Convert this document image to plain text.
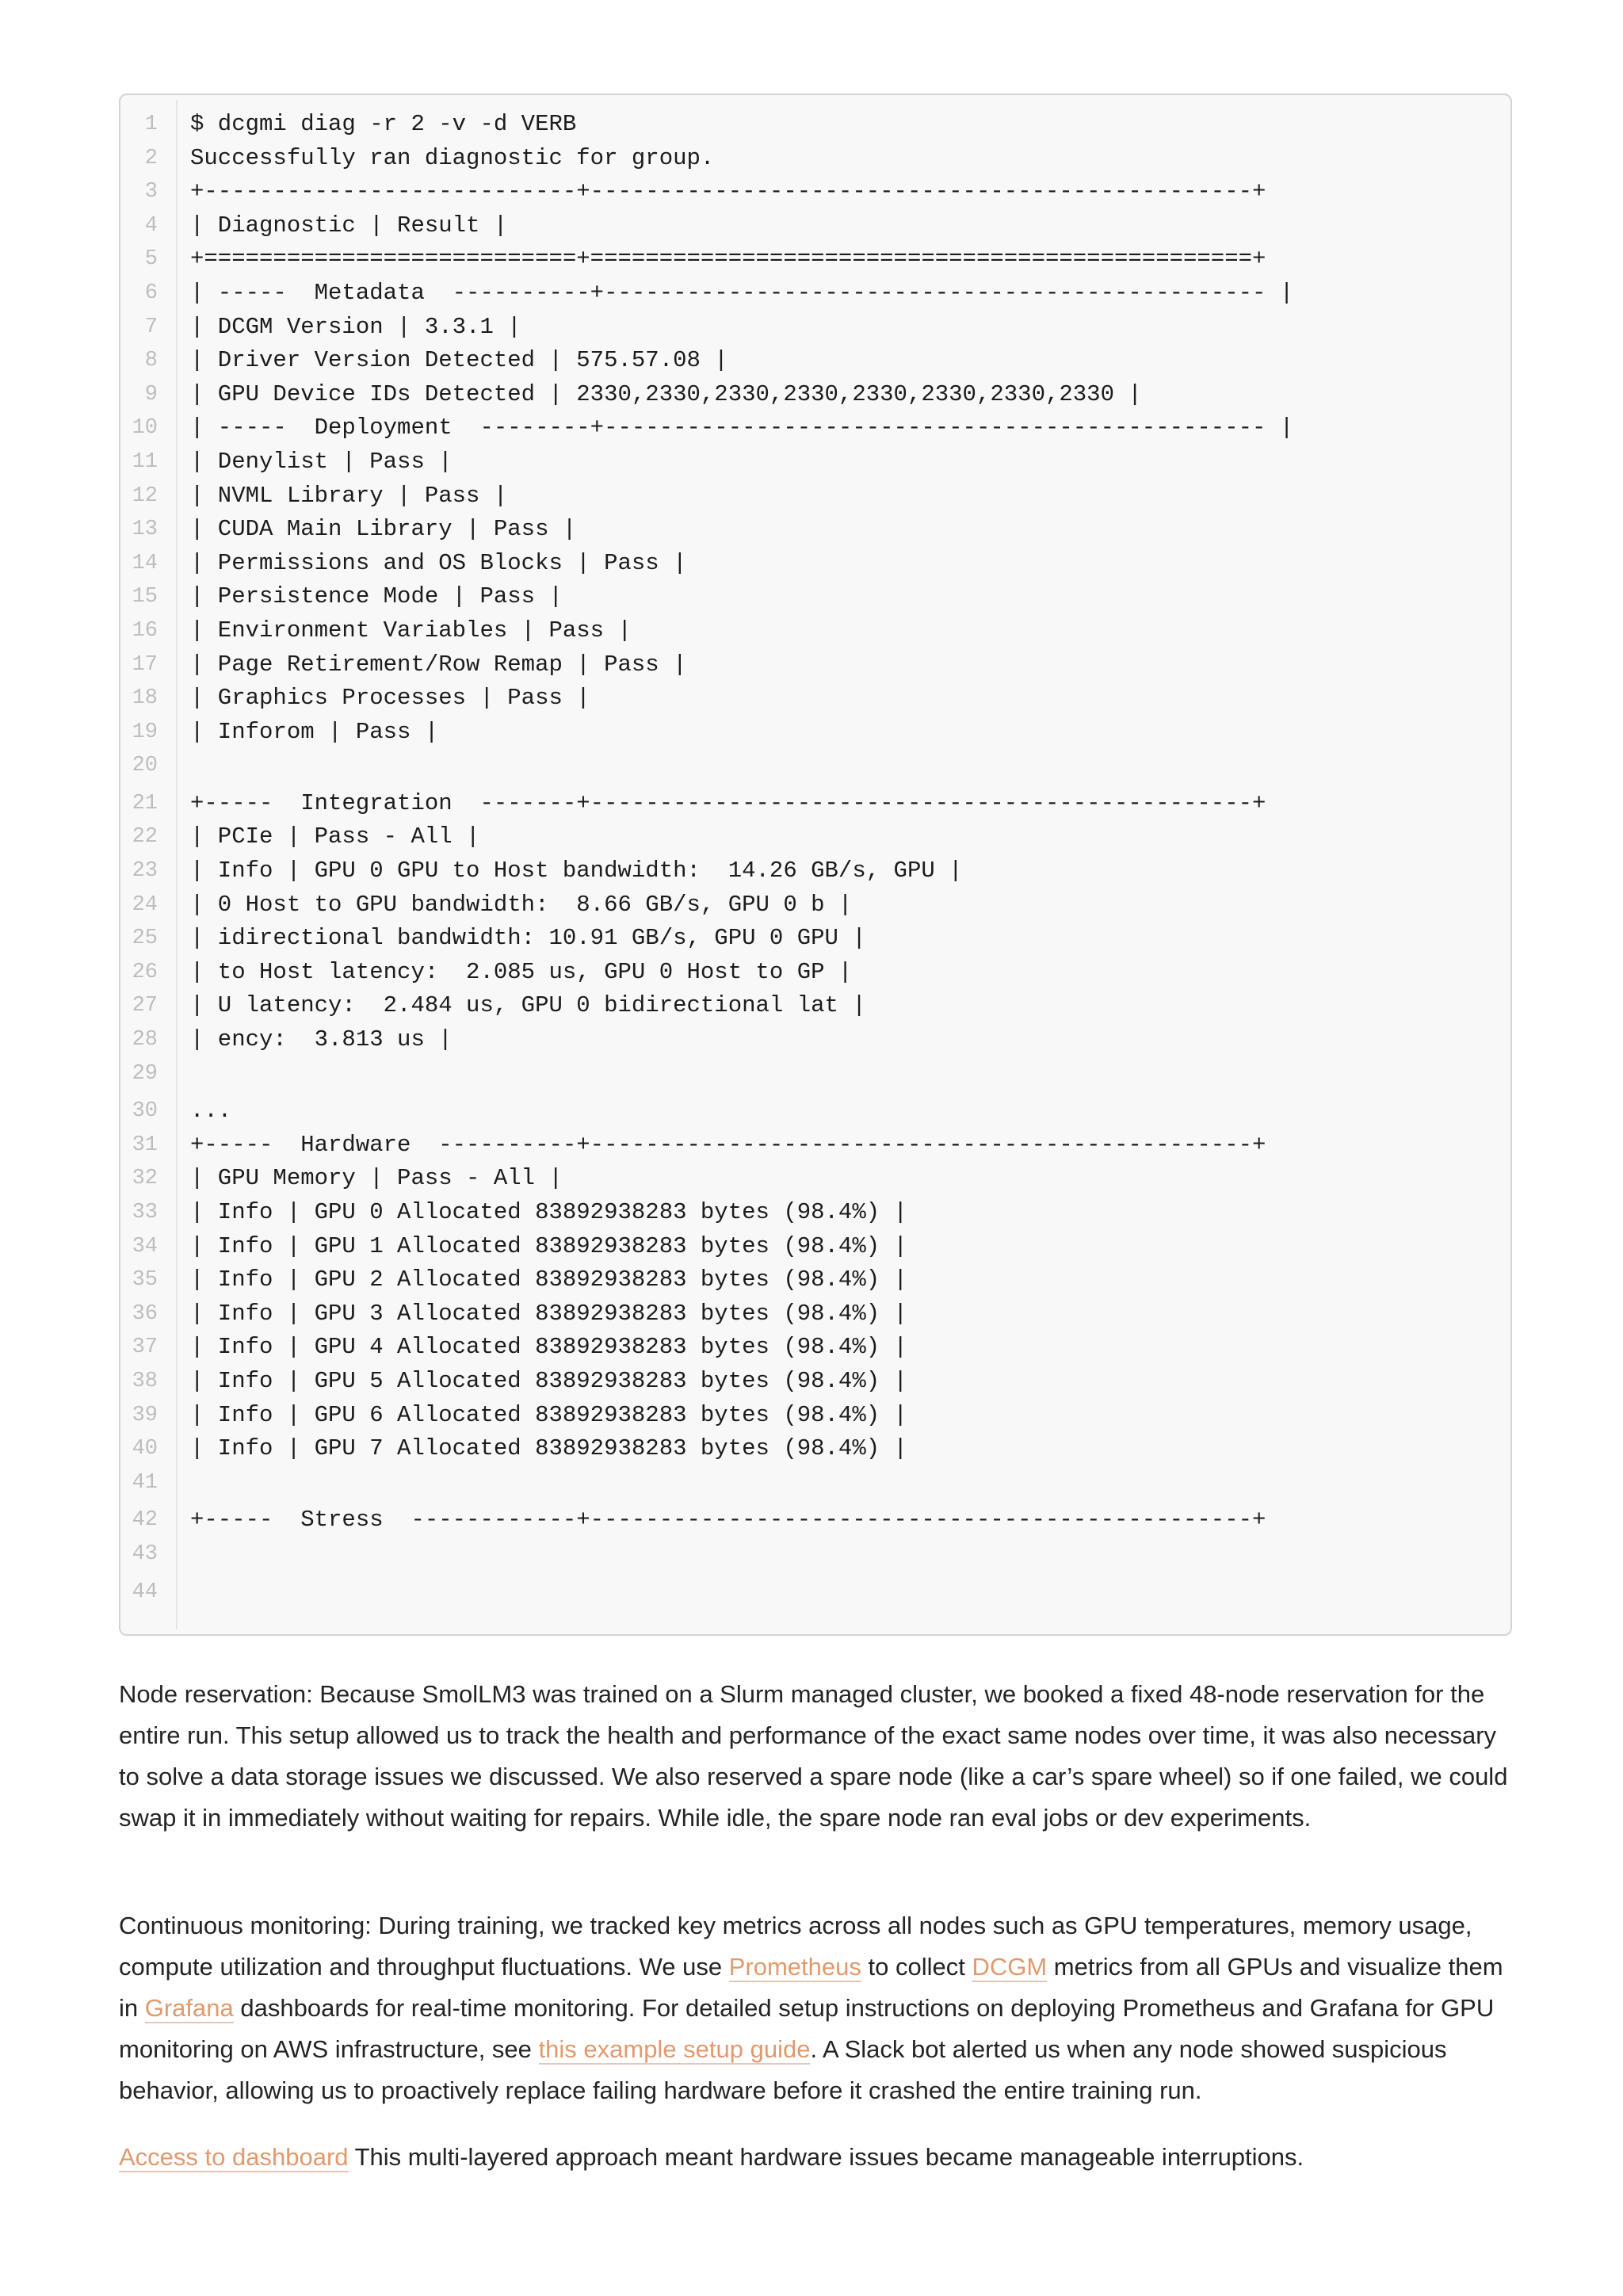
1 $ dcgmi diag -r 2 -v -d VERB
2 Successfully ran diagnostic for group.
3 +---------------------------+------------------------------------------------+
4 | Diagnostic | Result |
5 +===========================+================================================+
6 | -----  Metadata  ----------+------------------------------------------------ |
7 | DCGM Version | 3.3.1 |
8 | Driver Version Detected | 575.57.08 |
9 | GPU Device IDs Detected | 2330,2330,2330,2330,2330,2330,2330,2330 |
10 | -----  Deployment  --------+------------------------------------------------ |
11 | Denylist | Pass |
12 | NVML Library | Pass |
13 | CUDA Main Library | Pass |
14 | Permissions and OS Blocks | Pass |
15 | Persistence Mode | Pass |
16 | Environment Variables | Pass |
17 | Page Retirement/Row Remap | Pass |
18 | Graphics Processes | Pass |
19 | Inforom | Pass |
20
21 +-----  Integration  -------+------------------------------------------------+
22 | PCIe | Pass - All |
23 | Info | GPU 0 GPU to Host bandwidth:  14.26 GB/s, GPU |
24 | 0 Host to GPU bandwidth:  8.66 GB/s, GPU 0 b |
25 | idirectional bandwidth: 10.91 GB/s, GPU 0 GPU |
26 | to Host latency:  2.085 us, GPU 0 Host to GP |
27 | U latency:  2.484 us, GPU 0 bidirectional lat |
28 | ency:  3.813 us |
29
30 ...
31 +-----  Hardware  ----------+------------------------------------------------+
32 | GPU Memory | Pass - All |
33 | Info | GPU 0 Allocated 83892938283 bytes (98.4%) |
34 | Info | GPU 1 Allocated 83892938283 bytes (98.4%) |
35 | Info | GPU 2 Allocated 83892938283 bytes (98.4%) |
36 | Info | GPU 3 Allocated 83892938283 bytes (98.4%) |
37 | Info | GPU 4 Allocated 83892938283 bytes (98.4%) |
38 | Info | GPU 5 Allocated 83892938283 bytes (98.4%) |
39 | Info | GPU 6 Allocated 83892938283 bytes (98.4%) |
40 | Info | GPU 7 Allocated 83892938283 bytes (98.4%) |
41
42 +-----  Stress  ------------+------------------------------------------------+
43
44

Node reservation: Because SmolLM3 was trained on a Slurm managed cluster, we booked a fixed 48-node reservation for the entire run. This setup allowed us to track the health and performance of the exact same nodes over time, it was also necessary to solve a data storage issues we discussed. We also reserved a spare node (like a car’s spare wheel) so if one failed, we could swap it in immediately without waiting for repairs. While idle, the spare node ran eval jobs or dev experiments.

Continuous monitoring: During training, we tracked key metrics across all nodes such as GPU temperatures, memory usage, compute utilization and throughput fluctuations. We use Prometheus to collect DCGM metrics from all GPUs and visualize them in Grafana dashboards for real-time monitoring. For detailed setup instructions on deploying Prometheus and Grafana for GPU monitoring on AWS infrastructure, see this example setup guide. A Slack bot alerted us when any node showed suspicious behavior, allowing us to proactively replace failing hardware before it crashed the entire training run.

Access to dashboard This multi-layered approach meant hardware issues became manageable interruptions.
